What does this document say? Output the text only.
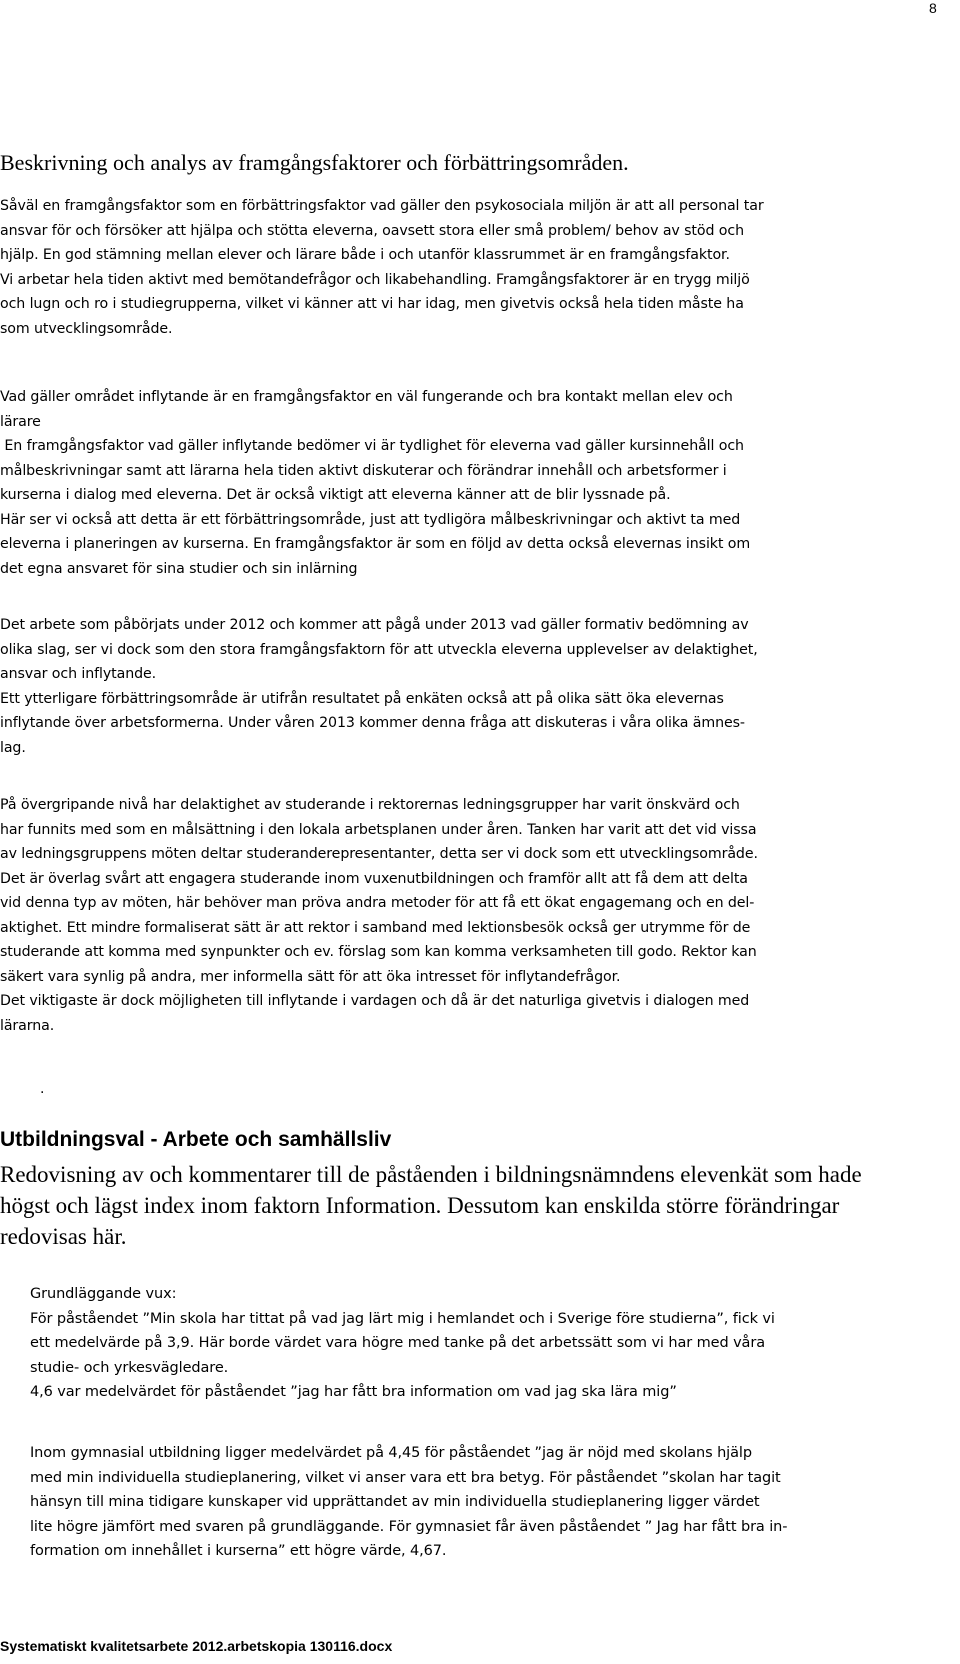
8
Beskrivning och analys av framgångsfaktorer och förbättringsområden.
Såväl en framgångsfaktor som en förbättringsfaktor vad gäller den psykosociala miljön är att all personal tar
ansvar för och försöker att hjälpa och stötta eleverna, oavsett stora eller små problem/ behov av stöd och
hjälp. En god stämning mellan elever och lärare både i och utanför klassrummet är en framgångsfaktor.
Vi arbetar hela tiden aktivt med bemötandefrågor och likabehandling. Framgångsfaktorer är en trygg miljö
och lugn och ro i studiegrupperna, vilket vi känner att vi har idag, men givetvis också hela tiden måste ha
som utvecklingsområde.
Vad gäller området inflytande är en framgångsfaktor en väl fungerande och bra kontakt mellan elev och
lärare
En framgångsfaktor vad gäller inflytande bedömer vi är tydlighet för eleverna vad gäller kursinnehåll och
målbeskrivningar samt att lärarna hela tiden aktivt diskuterar och förändrar innehåll och arbetsformer i
kurserna i dialog med eleverna. Det är också viktigt att eleverna känner att de blir lyssnade på.
Här ser vi också att detta är ett förbättringsområde, just att tydligöra målbeskrivningar och aktivt ta med
eleverna i planeringen av kurserna. En framgångsfaktor är som en följd av detta också elevernas insikt om
det egna ansvaret för sina studier och sin inlärning
Det arbete som påbörjats under 2012 och kommer att pågå under 2013 vad gäller formativ bedömning av
olika slag, ser vi dock som den stora framgångsfaktorn för att utveckla eleverna upplevelser av delaktighet,
ansvar och inflytande.
Ett ytterligare förbättringsområde är utifrån resultatet på enkäten också att på olika sätt öka elevernas
inflytande över arbetsformerna. Under våren 2013 kommer denna fråga att diskuteras i våra olika ämnes-
lag.
På övergripande nivå har delaktighet av studerande i rektorernas ledningsgrupper har varit önskvärd och
har funnits med som en målsättning i den lokala arbetsplanen under åren. Tanken har varit att det vid vissa
av ledningsgruppens möten deltar studeranderepresentanter, detta ser vi dock som ett utvecklingsområde.
Det är överlag svårt att engagera studerande inom vuxenutbildningen och framför allt att få dem att delta
vid denna typ av möten, här behöver man pröva andra metoder för att få ett ökat engagemang och en del-
aktighet. Ett mindre formaliserat sätt är att rektor i samband med lektionsbesök också ger utrymme för de
studerande att komma med synpunkter och ev. förslag som kan komma verksamheten till godo. Rektor kan
säkert vara synlig på andra, mer informella sätt för att öka intresset för inflytandefrågor.
Det viktigaste är dock möjligheten till inflytande i vardagen och då är det naturliga givetvis i dialogen med
lärarna.
.
Utbildningsval - Arbete och samhällsliv
Redovisning av och kommentarer till de påståenden i bildningsnämndens elevenkät som hade
högst och lägst index inom faktorn Information. Dessutom kan enskilda större förändringar
redovisas här.
Grundläggande vux:
För påståendet ”Min skola har tittat på vad jag lärt mig i hemlandet och i Sverige före studierna”, fick vi
ett medelvärde på 3,9. Här borde värdet vara högre med tanke på det arbetssätt som vi har med våra
studie- och yrkesvägledare.
4,6 var medelvärdet för påståendet ”jag har fått bra information om vad jag ska lära mig”
Inom gymnasial utbildning ligger medelvärdet på 4,45 för påståendet ”jag är nöjd med skolans hjälp
med min individuella studieplanering, vilket vi anser vara ett bra betyg. För påståendet ”skolan har tagit
hänsyn till mina tidigare kunskaper vid upprättandet av min individuella studieplanering ligger värdet
lite högre jämfört med svaren på grundläggande. För gymnasiet får även påståendet ” Jag har fått bra in-
formation om innehållet i kurserna” ett högre värde, 4,67.
Systematiskt kvalitetsarbete 2012.arbetskopia 130116.docx
